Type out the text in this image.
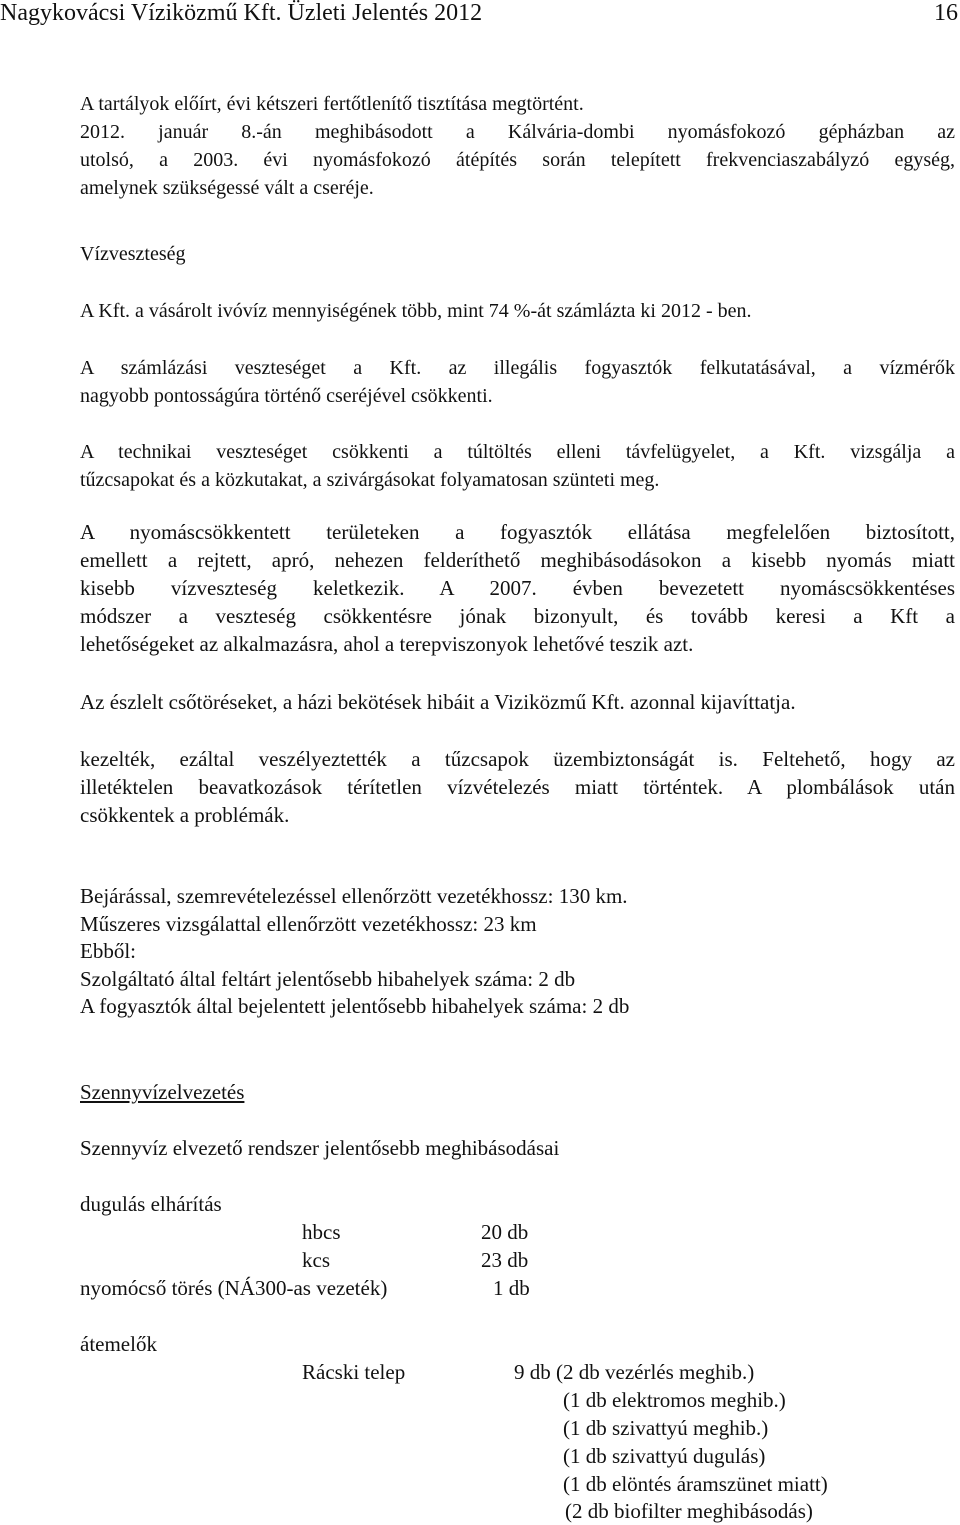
Nagykovácsi Víziközmű Kft. Üzleti Jelentés 2012	16
A tartályok előírt, évi kétszeri fertőtlenítő tisztítása megtörtént.
2012. január 8.-án meghibásodott a Kálvária-dombi nyomásfokozó gépházban az
utolsó, a 2003. évi nyomásfokozó átépítés során telepített frekvenciaszabályzó egység,
amelynek szükségessé vált a cseréje.
Vízveszteség
A Kft. a vásárolt ivóvíz mennyiségének több, mint 74 %-át számlázta ki 2012 - ben.
A számlázási veszteséget a Kft. az illegális fogyasztók felkutatásával, a vízmérők
nagyobb pontosságúra történő cseréjével csökkenti.
A technikai veszteséget csökkenti a túltöltés elleni távfelügyelet, a Kft. vizsgálja a
tűzcsapokat és a közkutakat, a szivárgásokat folyamatosan szünteti meg.
A nyomáscsökkentett területeken a fogyasztók ellátása megfelelően biztosított,
emellett a rejtett, apró, nehezen felderíthető meghibásodásokon a kisebb nyomás miatt
kisebb vízveszteség keletkezik. A 2007. évben bevezetett nyomáscsökkentéses
módszer a veszteség csökkentésre jónak bizonyult, és tovább keresi a Kft a
lehetőségeket az alkalmazásra, ahol a terepviszonyok lehetővé teszik azt.
Az észlelt csőtöréseket, a házi bekötések hibáit a Viziközmű Kft. azonnal kijavíttatja.
kezelték, ezáltal veszélyeztették a tűzcsapok üzembiztonságát is. Feltehető, hogy az
illetéktelen beavatkozások térítetlen vízvételezés miatt történtek. A plombálások után
csökkentek a problémák.
Bejárással, szemrevételezéssel ellenőrzött vezetékhossz: 130 km.
Műszeres vizsgálattal ellenőrzött vezetékhossz: 23 km
Ebből:
Szolgáltató által feltárt jelentősebb hibahelyek száma: 2 db
A fogyasztók által bejelentett jelentősebb hibahelyek száma: 2 db
Szennyvízelvezetés
Szennyvíz elvezető rendszer jelentősebb meghibásodásai
dugulás elhárítás
hbcs	20 db
kcs	23 db
nyomócső törés (NÁ300-as vezeték)	1 db
átemelők
Rácski telep	9 db (2 db vezérlés meghib.)
(1 db elektromos meghib.)
(1 db szivattyú meghib.)
(1 db szivattyú dugulás)
(1 db elöntés áramszünet miatt)
(2 db biofilter meghibásodás)
